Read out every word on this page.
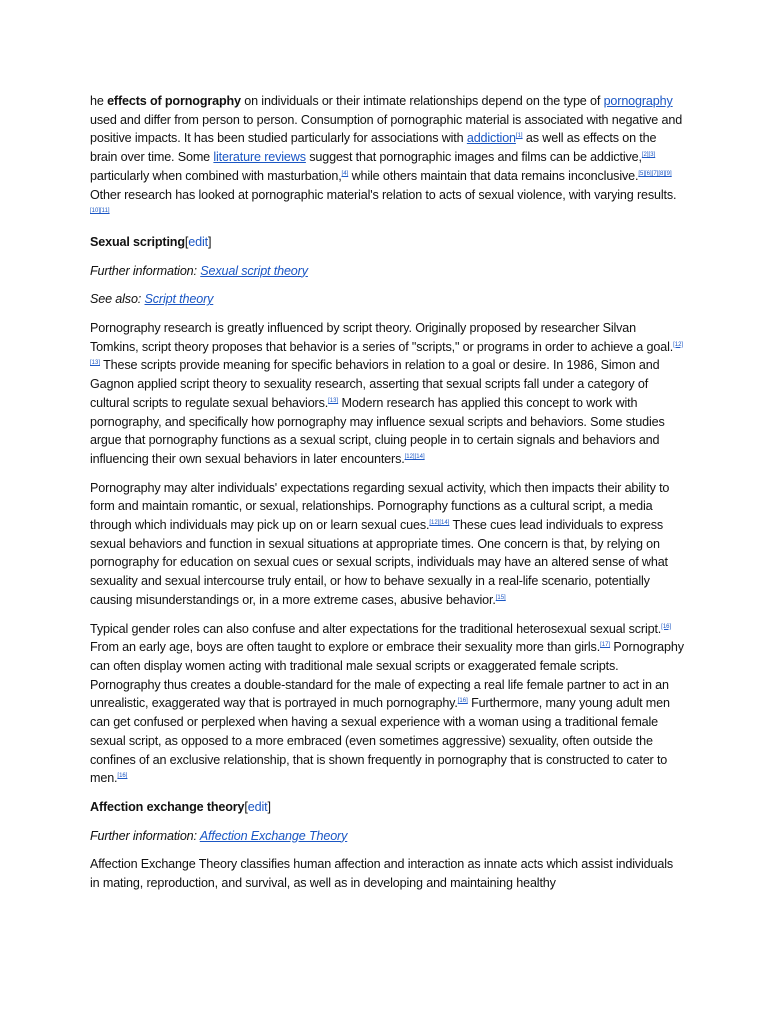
he effects of pornography on individuals or their intimate relationships depend on the type of pornography used and differ from person to person. Consumption of pornographic material is associated with negative and positive impacts. It has been studied particularly for associations with addiction[1] as well as effects on the brain over time. Some literature reviews suggest that pornographic images and films can be addictive,[2][3] particularly when combined with masturbation,[4] while others maintain that data remains inconclusive.[5][6][7][8][9] Other research has looked at pornographic material's relation to acts of sexual violence, with varying results.[10][11]

Sexual scripting[edit]

Further information: Sexual script theory

See also: Script theory

Pornography research is greatly influenced by script theory. Originally proposed by researcher Silvan Tomkins, script theory proposes that behavior is a series of "scripts," or programs in order to achieve a goal.[12][13] These scripts provide meaning for specific behaviors in relation to a goal or desire. In 1986, Simon and Gagnon applied script theory to sexuality research, asserting that sexual scripts fall under a category of cultural scripts to regulate sexual behaviors.[13] Modern research has applied this concept to work with pornography, and specifically how pornography may influence sexual scripts and behaviors. Some studies argue that pornography functions as a sexual script, cluing people in to certain signals and behaviors and influencing their own sexual behaviors in later encounters.[12][14]

Pornography may alter individuals' expectations regarding sexual activity, which then impacts their ability to form and maintain romantic, or sexual, relationships. Pornography functions as a cultural script, a media through which individuals may pick up on or learn sexual cues.[12][14] These cues lead individuals to express sexual behaviors and function in sexual situations at appropriate times. One concern is that, by relying on pornography for education on sexual cues or sexual scripts, individuals may have an altered sense of what sexuality and sexual intercourse truly entail, or how to behave sexually in a real-life scenario, potentially causing misunderstandings or, in a more extreme cases, abusive behavior.[15]

Typical gender roles can also confuse and alter expectations for the traditional heterosexual sexual script.[16] From an early age, boys are often taught to explore or embrace their sexuality more than girls.[17] Pornography can often display women acting with traditional male sexual scripts or exaggerated female scripts. Pornography thus creates a double-standard for the male of expecting a real life female partner to act in an unrealistic, exaggerated way that is portrayed in much pornography.[16] Furthermore, many young adult men can get confused or perplexed when having a sexual experience with a woman using a traditional female sexual script, as opposed to a more embraced (even sometimes aggressive) sexuality, often outside the confines of an exclusive relationship, that is shown frequently in pornography that is constructed to cater to men.[16]

Affection exchange theory[edit]

Further information: Affection Exchange Theory

Affection Exchange Theory classifies human affection and interaction as innate acts which assist individuals in mating, reproduction, and survival, as well as in developing and maintaining healthy
